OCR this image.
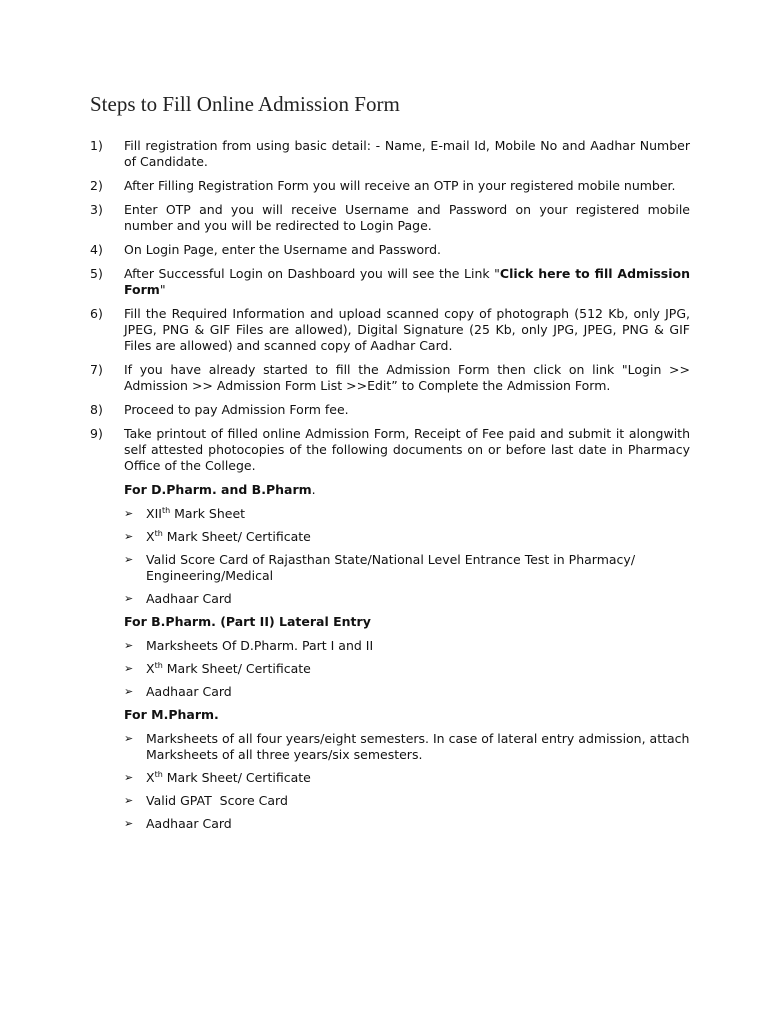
Steps to Fill Online Admission Form
1)	Fill registration from using basic detail: - Name, E-mail Id, Mobile No and Aadhar Number of Candidate.
2)	After Filling Registration Form you will receive an OTP in your registered mobile number.
3)	Enter OTP and you will receive Username and Password on your registered mobile number and you will be redirected to Login Page.
4)	On Login Page, enter the Username and Password.
5)	After Successful Login on Dashboard you will see the Link "Click here to fill Admission Form"
6)	Fill the Required Information and upload scanned copy of photograph (512 Kb, only JPG, JPEG, PNG & GIF Files are allowed), Digital Signature (25 Kb, only JPG, JPEG, PNG & GIF Files are allowed) and scanned copy of Aadhar Card.
7)	If you have already started to fill the Admission Form then click on link "Login >> Admission >> Admission Form List >>Edit” to Complete the Admission Form.
8)	Proceed to pay Admission Form fee.
9)	Take printout of filled online Admission Form, Receipt of Fee paid and submit it alongwith self attested photocopies of the following documents on or before last date in Pharmacy Office of the College.
For D.Pharm. and B.Pharm.
➢	XIIth Mark Sheet
➢	Xth Mark Sheet/ Certificate
➢	Valid Score Card of Rajasthan State/National Level Entrance Test in Pharmacy/ Engineering/Medical
➢	Aadhaar Card
For B.Pharm. (Part II) Lateral Entry
➢	Marksheets Of D.Pharm. Part I and II
➢	Xth Mark Sheet/ Certificate
➢	Aadhaar Card
For M.Pharm.
➢	Marksheets of all four years/eight semesters. In case of lateral entry admission, attach Marksheets of all three years/six semesters.
➢	Xth Mark Sheet/ Certificate
➢	Valid GPAT  Score Card
➢	Aadhaar Card
